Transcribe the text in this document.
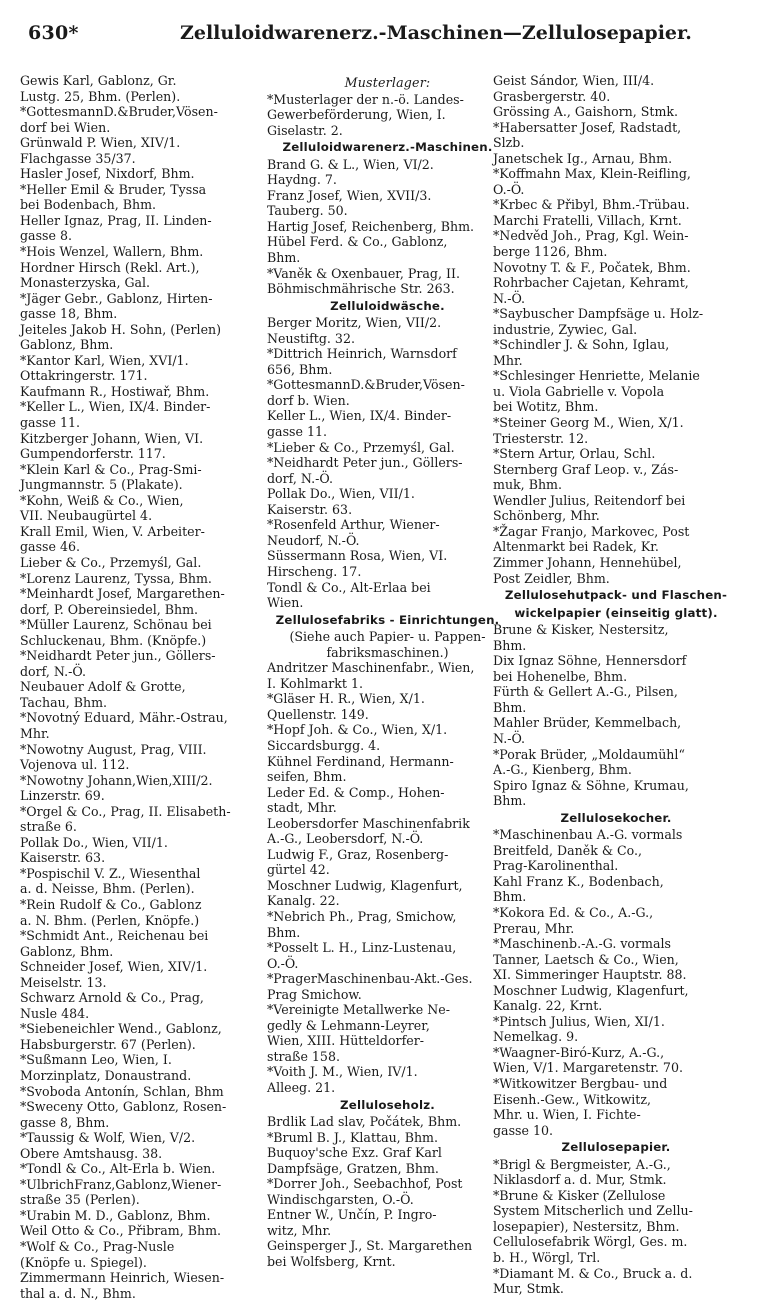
630*	Zelluloidwarenerz.-Maschinen—Zellulosepapier.
Gewis Karl, Gablonz, Gr.
Lustg. 25, Bhm. (Perlen).
*GottesmannD.&Bruder,Vösen-
dorf bei Wien.
Grünwald P. Wien, XIV/1.
Flachgasse 35/37.
Hasler Josef, Nixdorf, Bhm.
*Heller Emil & Bruder, Tyssa
bei Bodenbach, Bhm.
Heller Ignaz, Prag, II. Linden-
gasse 8.
*Hois Wenzel, Wallern, Bhm.
Hordner Hirsch (Rekl. Art.),
Monasterzyska, Gal.
*Jäger Gebr., Gablonz, Hirten-
gasse 18, Bhm.
Jeiteles Jakob H. Sohn, (Perlen)
Gablonz, Bhm.
*Kantor Karl, Wien, XVI/1.
Ottakringerstr. 171.
Kaufmann R., Hostiwař, Bhm.
*Keller L., Wien, IX/4. Binder-
gasse 11.
Kitzberger Johann, Wien, VI.
Gumpendorferstr. 117.
*Klein Karl & Co., Prag-Smi-
Jungmannstr. 5 (Plakate).
*Kohn, Weiß & Co., Wien,
VII. Neubaugürtel 4.
Krall Emil, Wien, V. Arbeiter-
gasse 46.
Lieber & Co., Przemyśl, Gal.
*Lorenz Laurenz, Tyssa, Bhm.
*Meinhardt Josef, Margarethen-
dorf, P. Obereinsiedel, Bhm.
*Müller Laurenz, Schönau bei
Schluckenau, Bhm. (Knöpfe.)
*Neidhardt Peter jun., Göllers-
dorf, N.-Ö.
Neubauer Adolf & Grotte,
Tachau, Bhm.
*Novotný Eduard, Mähr.-Ostrau,
Mhr.
*Nowotny August, Prag, VIII.
Vojenova ul. 112.
*Nowotny Johann,Wien,XIII/2.
Linzerstr. 69.
*Orgel & Co., Prag, II. Elisabeth-
straße 6.
Pollak Do., Wien, VII/1.
Kaiserstr. 63.
*Pospischil V. Z., Wiesenthal
a. d. Neisse, Bhm. (Perlen).
*Rein Rudolf & Co., Gablonz
a. N. Bhm. (Perlen, Knöpfe.)
*Schmidt Ant., Reichenau bei
Gablonz, Bhm.
Schneider Josef, Wien, XIV/1.
Meiselstr. 13.
Schwarz Arnold & Co., Prag,
Nusle 484.
*Siebeneichler Wend., Gablonz,
Habsburgerstr. 67 (Perlen).
*Sußmann Leo, Wien, I.
Morzinplatz, Donaustrand.
*Svoboda Antonín, Schlan, Bhm
*Sweceny Otto, Gablonz, Rosen-
gasse 8, Bhm.
*Taussig & Wolf, Wien, V/2.
Obere Amtshausg. 38.
*Tondl & Co., Alt-Erla b. Wien.
*UlbrichFranz,Gablonz,Wiener-
straße 35 (Perlen).
*Urabin M. D., Gablonz, Bhm.
Weil Otto & Co., Přibram, Bhm.
*Wolf & Co., Prag-Nusle
(Knöpfe u. Spiegel).
Zimmermann Heinrich, Wiesen-
thal a. d. N., Bhm.
Musterlager:
*Musterlager der n.-ö. Landes-
Gewerbeförderung, Wien, I.
Giselastr. 2.
Zelluloidwarenerz.-Maschinen.
Brand G. & L., Wien, VI/2.
Haydng. 7.
Franz Josef, Wien, XVII/3.
Tauberg. 50.
Hartig Josef, Reichenberg, Bhm.
Hübel Ferd. & Co., Gablonz,
Bhm.
*Vaněk & Oxenbauer, Prag, II.
Böhmischmährische Str. 263.
Zelluloidwäsche.
Berger Moritz, Wien, VII/2.
Neustiftg. 32.
*Dittrich Heinrich, Warnsdorf
656, Bhm.
*GottesmannD.&Bruder,Vösen-
dorf b. Wien.
Keller L., Wien, IX/4. Binder-
gasse 11.
*Lieber & Co., Przemyśl, Gal.
*Neidhardt Peter jun., Göllers-
dorf, N.-Ö.
Pollak Do., Wien, VII/1.
Kaiserstr. 63.
*Rosenfeld Arthur, Wiener-
Neudorf, N.-Ö.
Süssermann Rosa, Wien, VI.
Hirscheng. 17.
Tondl & Co., Alt-Erlaa bei
Wien.
Zellulosefabriks - Einrichtungen.
(Siehe auch Papier- u. Pappen-
fabriksmaschinen.)
Andritzer Maschinenfabr., Wien,
I. Kohlmarkt 1.
*Gläser H. R., Wien, X/1.
Quellenstr. 149.
*Hopf Joh. & Co., Wien, X/1.
Siccardsburgg. 4.
Kühnel Ferdinand, Hermann-
seifen, Bhm.
Leder Ed. & Comp., Hohen-
stadt, Mhr.
Leobersdorfer Maschinenfabrik
A.-G., Leobersdorf, N.-Ö.
Ludwig F., Graz, Rosenberg-
gürtel 42.
Moschner Ludwig, Klagenfurt,
Kanalg. 22.
*Nebrich Ph., Prag, Smichow,
Bhm.
*Posselt L. H., Linz-Lustenau,
O.-Ö.
*PragerMaschinenbau-Akt.-Ges.
Prag Smichow.
*Vereinigte Metallwerke Ne-
gedly & Lehmann-Leyrer,
Wien, XIII. Hütteldorfer-
straße 158.
*Voith J. M., Wien, IV/1.
Alleeg. 21.
Zelluloseholz.
Brdlik Lad slav, Počátek, Bhm.
*Bruml B. J., Klattau, Bhm.
Buquoy'sche Exz. Graf Karl
Dampfsäge, Gratzen, Bhm.
*Dorrer Joh., Seebachhof, Post
Windischgarsten, O.-Ö.
Entner W., Unčín, P. Ingro-
witz, Mhr.
Geinsperger J., St. Margarethen
bei Wolfsberg, Krnt.
Geist Sándor, Wien, III/4.
Grasbergerstr. 40.
Grössing A., Gaishorn, Stmk.
*Habersatter Josef, Radstadt,
Slzb.
Janetschek Ig., Arnau, Bhm.
*Koffmahn Max, Klein-Reifling,
O.-Ö.
*Krbec & Přibyl, Bhm.-Trübau.
Marchi Fratelli, Villach, Krnt.
*Nedvěd Joh., Prag, Kgl. Wein-
berge 1126, Bhm.
Novotny T. & F., Počatek, Bhm.
Rohrbacher Cajetan, Kehramt,
N.-Ö.
*Saybuscher Dampfsäge u. Holz-
industrie, Zywiec, Gal.
*Schindler J. & Sohn, Iglau,
Mhr.
*Schlesinger Henriette, Melanie
u. Viola Gabrielle v. Vopola
bei Wotitz, Bhm.
*Steiner Georg M., Wien, X/1.
Triesterstr. 12.
*Stern Artur, Orlau, Schl.
Sternberg Graf Leop. v., Zás-
muk, Bhm.
Wendler Julius, Reitendorf bei
Schönberg, Mhr.
*Žagar Franjo, Markovec, Post
Altenmarkt bei Radek, Kr.
Zimmer Johann, Hennehübel,
Post Zeidler, Bhm.
Zellulosehutpack- und Flaschen-
wickelpapier (einseitig glatt).
Brune & Kisker, Nestersitz,
Bhm.
Dix Ignaz Söhne, Hennersdorf
bei Hohenelbe, Bhm.
Fürth & Gellert A.-G., Pilsen,
Bhm.
Mahler Brüder, Kemmelbach,
N.-Ö.
*Porak Brüder, „Moldaumühl“
A.-G., Kienberg, Bhm.
Spiro Ignaz & Söhne, Krumau,
Bhm.
Zellulosekocher.
*Maschinenbau A.-G. vormals
Breitfeld, Daněk & Co.,
Prag-Karolinenthal.
Kahl Franz K., Bodenbach,
Bhm.
*Kokora Ed. & Co., A.-G.,
Prerau, Mhr.
*Maschinenb.-A.-G. vormals
Tanner, Laetsch & Co., Wien,
XI. Simmeringer Hauptstr. 88.
Moschner Ludwig, Klagenfurt,
Kanalg. 22, Krnt.
*Pintsch Julius, Wien, XI/1.
Nemelkag. 9.
*Waagner-Biró-Kurz, A.-G.,
Wien, V/1. Margaretenstr. 70.
*Witkowitzer Bergbau- und
Eisenh.-Gew., Witkowitz,
Mhr. u. Wien, I. Fichte-
gasse 10.
Zellulosepapier.
*Brigl & Bergmeister, A.-G.,
Niklasdorf a. d. Mur, Stmk.
*Brune & Kisker (Zellulose
System Mitscherlich und Zellu-
losepapier), Nestersitz, Bhm.
Cellulosefabrik Wörgl, Ges. m.
b. H., Wörgl, Trl.
*Diamant M. & Co., Bruck a. d.
Mur, Stmk.
